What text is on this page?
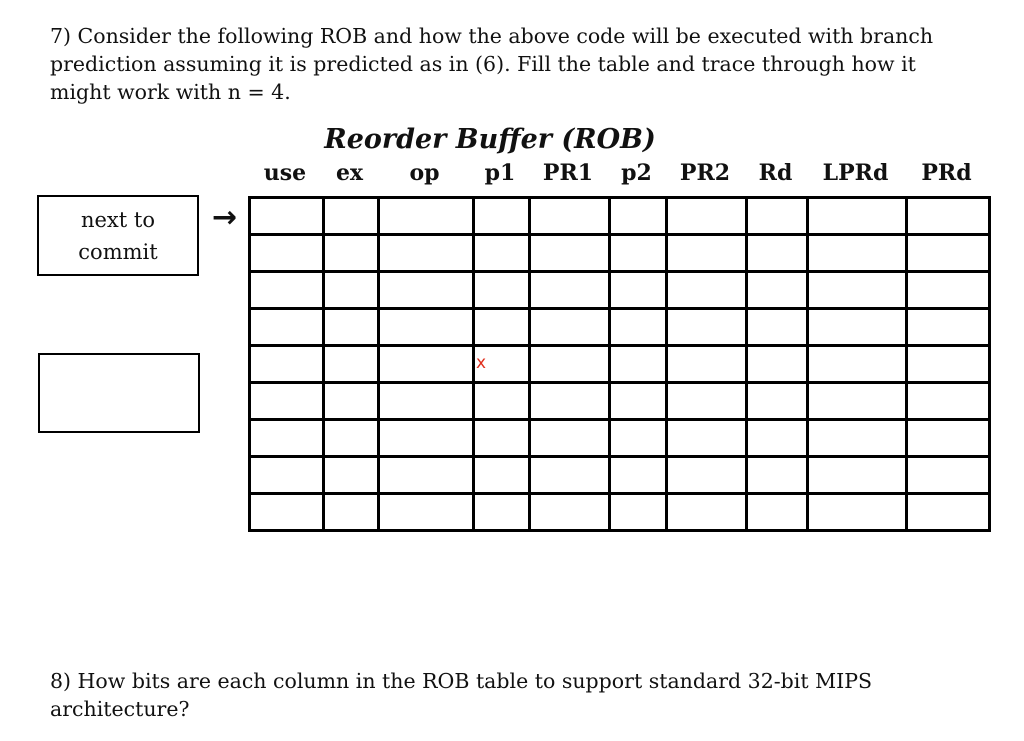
7) Consider the following ROB and how the above code will be executed with branch
prediction assuming it is predicted as in (6). Fill the table and trace through how it
might work with n = 4.
Reorder Buffer (ROB)
use ex op p1 PR1 p2 PR2 Rd LPRd PRd

			x						

next to
commit
→
8) How bits are each column in the ROB table to support standard 32-bit MIPS
architecture?
